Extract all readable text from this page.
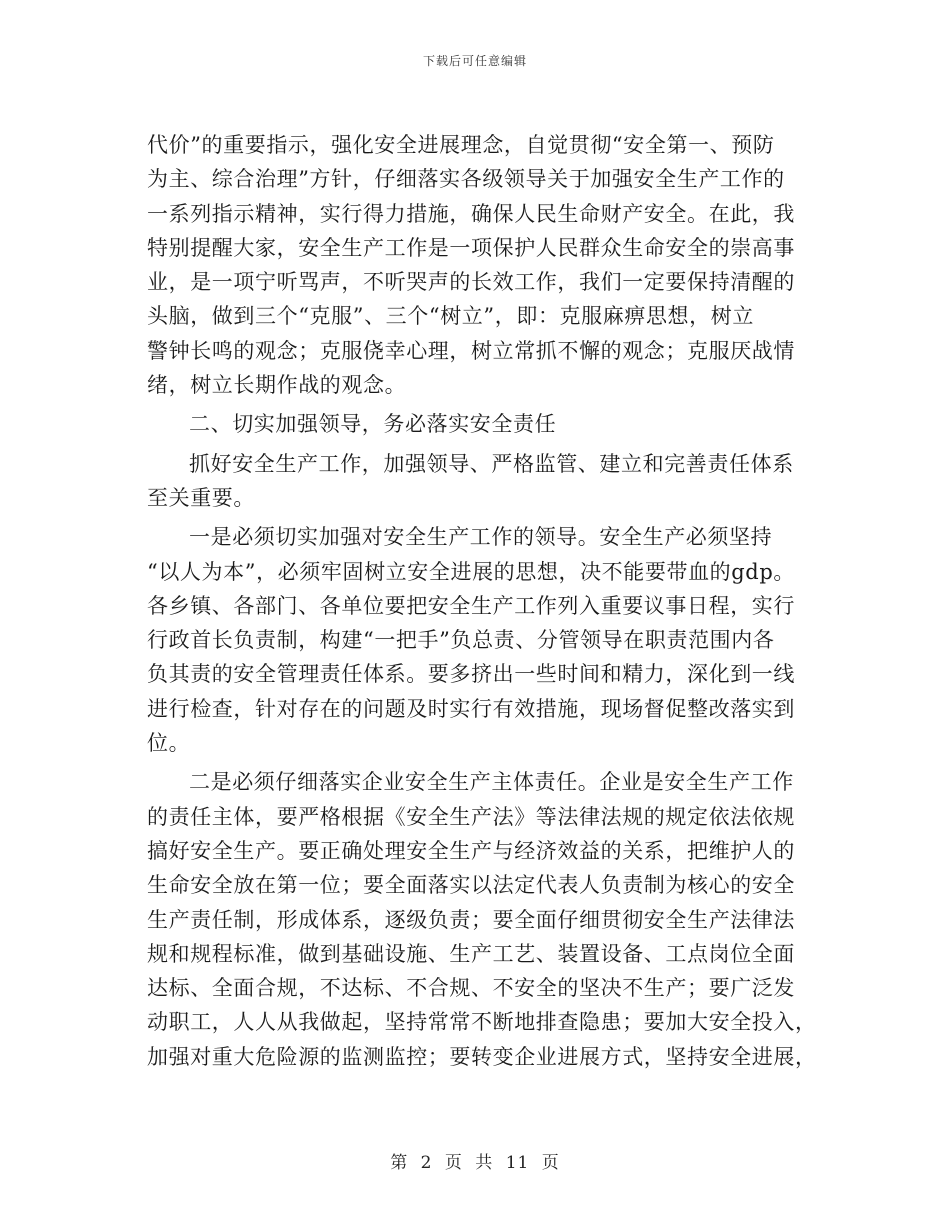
下载后可任意编辑
代价”的重要指示，强化安全进展理念，自觉贯彻“安全第一、预防
为主、综合治理”方针，仔细落实各级领导关于加强安全生产工作的
一系列指示精神，实行得力措施，确保人民生命财产安全。在此，我
特别提醒大家，安全生产工作是一项保护人民群众生命安全的崇高事
业，是一项宁听骂声，不听哭声的长效工作，我们一定要保持清醒的
头脑，做到三个“克服”、三个“树立”，即：克服麻痹思想，树立
警钟长鸣的观念；克服侥幸心理，树立常抓不懈的观念；克服厌战情
绪，树立长期作战的观念。
二、切实加强领导，务必落实安全责任
抓好安全生产工作，加强领导、严格监管、建立和完善责任体系
至关重要。
一是必须切实加强对安全生产工作的领导。安全生产必须坚持
“以人为本”，必须牢固树立安全进展的思想，决不能要带血的gdp。
各乡镇、各部门、各单位要把安全生产工作列入重要议事日程，实行
行政首长负责制，构建“一把手”负总责、分管领导在职责范围内各
负其责的安全管理责任体系。要多挤出一些时间和精力，深化到一线
进行检查，针对存在的问题及时实行有效措施，现场督促整改落实到
位。
二是必须仔细落实企业安全生产主体责任。企业是安全生产工作
的责任主体，要严格根据《安全生产法》等法律法规的规定依法依规
搞好安全生产。要正确处理安全生产与经济效益的关系，把维护人的
生命安全放在第一位；要全面落实以法定代表人负责制为核心的安全
生产责任制，形成体系，逐级负责；要全面仔细贯彻安全生产法律法
规和规程标准，做到基础设施、生产工艺、装置设备、工点岗位全面
达标、全面合规，不达标、不合规、不安全的坚决不生产；要广泛发
动职工，人人从我做起，坚持常常不断地排查隐患；要加大安全投入，
加强对重大危险源的监测监控；要转变企业进展方式，坚持安全进展，
第 2 页 共 11 页
